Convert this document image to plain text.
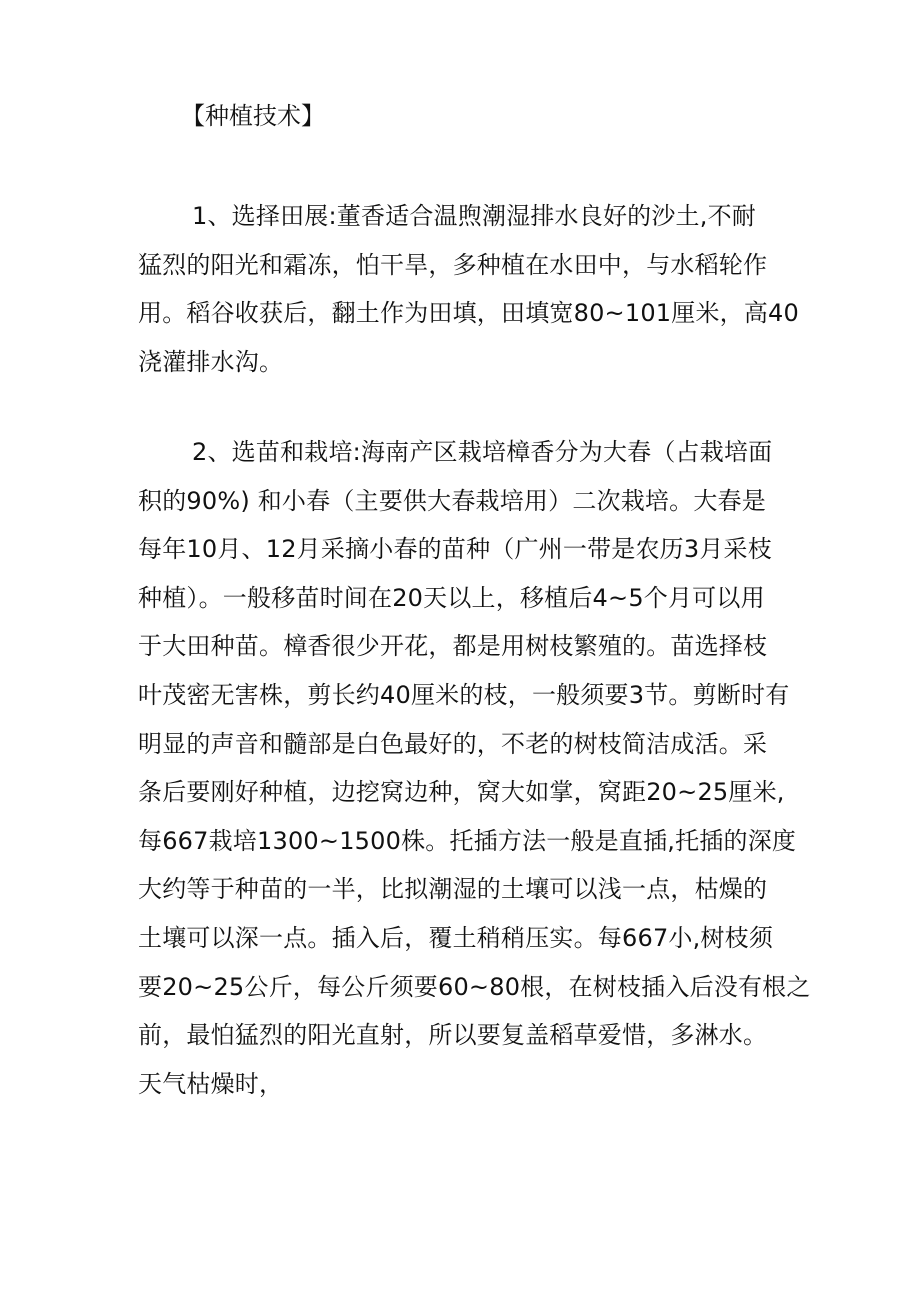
【种植技术】
1、选择田展:董香适合温煦潮湿排水良好的沙土,不耐
猛烈的阳光和霜冻，怕干旱，多种植在水田中，与水稻轮作
用。稻谷收获后，翻土作为田填，田填宽80~101厘米，高40
浇灌排水沟。
2、选苗和栽培:海南产区栽培樟香分为大春（占栽培面
积的90%) 和小春（主要供大春栽培用）二次栽培。大春是
每年10月、12月采摘小春的苗种（广州一带是农历3月采枝
种植）。一般移苗时间在20天以上，移植后4~5个月可以用
于大田种苗。樟香很少开花，都是用树枝繁殖的。苗选择枝
叶茂密无害株，剪长约40厘米的枝，一般须要3节。剪断时有
明显的声音和髓部是白色最好的，不老的树枝简洁成活。采
条后要刚好种植，边挖窝边种，窝大如掌，窝距20~25厘米,
每667栽培1300~1500株。托插方法一般是直插,托插的深度
大约等于种苗的一半，比拟潮湿的土壤可以浅一点，枯燥的
土壤可以深一点。插入后，覆土稍稍压实。每667小,树枝须
要20~25公斤，每公斤须要60~80根，在树枝插入后没有根之
前，最怕猛烈的阳光直射，所以要复盖稻草爱惜，多淋水。
天气枯燥时，
